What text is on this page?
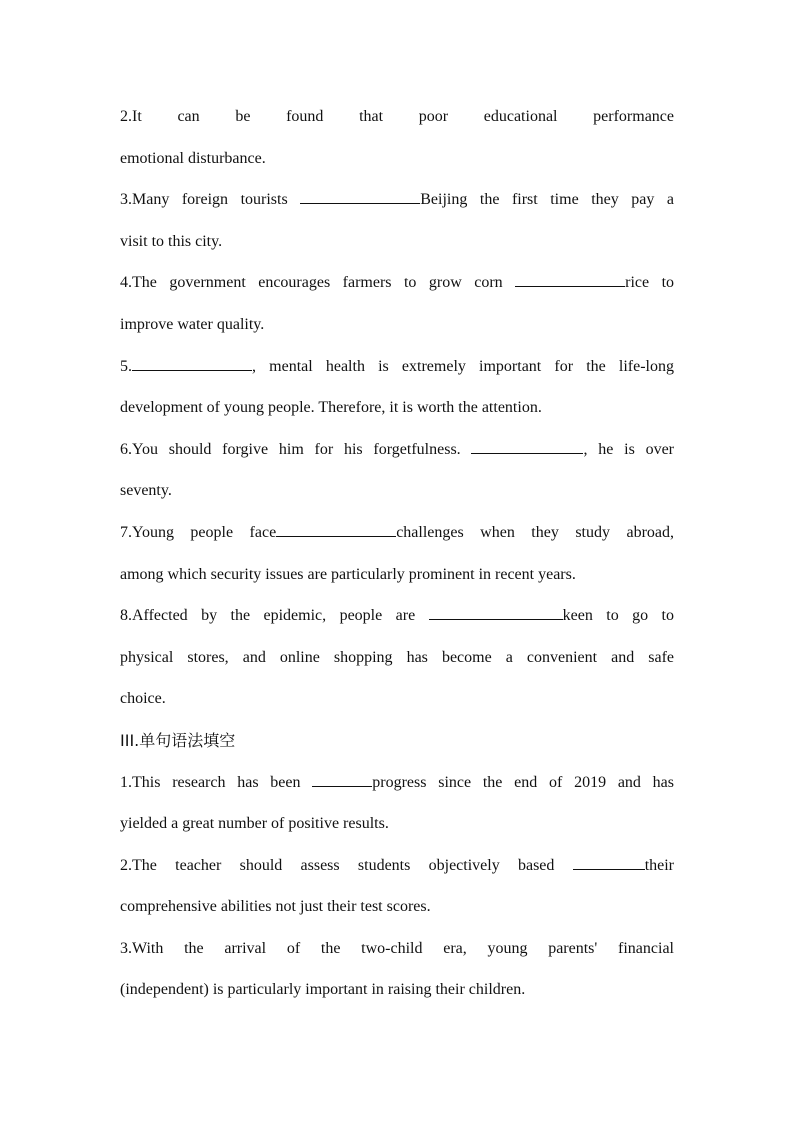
2.It can be found that poor educational performance
emotional disturbance.
3.Many foreign tourists	Beijing the first time they pay a
visit to this city.
4.The government encourages farmers to grow corn	rice to
improve water quality.
5.	, mental health is extremely important for the life-long
development of young people. Therefore, it is worth the attention.
6.You should forgive him for his forgetfulness.	, he is over
seventy.
7.Young people face	challenges when they study abroad,
among which security issues are particularly prominent in recent years.
8.Affected by the epidemic, people are	keen to go to
physical stores, and online shopping has become a convenient and safe
choice.
III.单句语法填空
1.This research has been	progress since the end of 2019 and has
yielded a great number of positive results.
2.The teacher should assess students objectively based	their
comprehensive abilities not just their test scores.
3.With the arrival of the two-child era, young parents' financial
(independent) is particularly important in raising their children.
